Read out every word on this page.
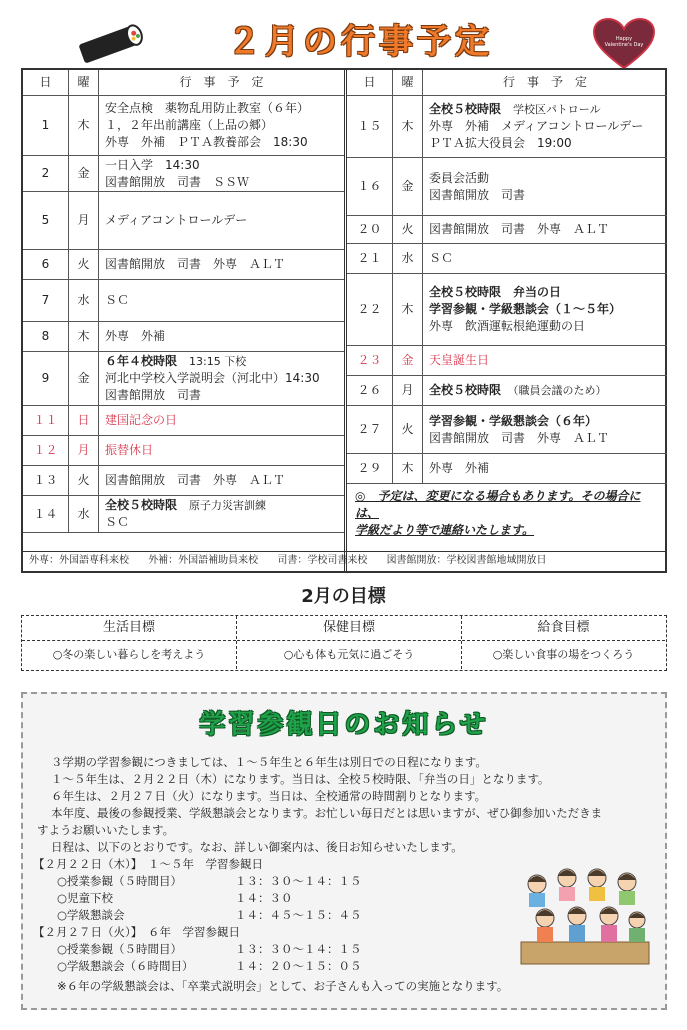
２月の行事予定	Happy Valentine's Day
日 曜	行　事　予　定
1 木
安全点検　薬物乱用防止教室（６年）
１，２年出前講座（上品の郷）
外専　外補　ＰＴＡ教養部会　18:30
2 金
一日入学　14:30
図書館開放　司書　ＳＳＷ
5 月 メディアコントロールデー
6 火 図書館開放　司書　外専　ＡＬＴ
7 水 ＳＣ
8 木 外専　外補
9 金
６年４校時限　 13:15 下校
河北中学校入学説明会（河北中）14:30
図書館開放　司書
１１ 日 建国記念の日
１２ 月 振替休日
１３ 火 図書館開放　司書　外専　ＡＬＴ
１４ 水
全校５校時限　 原子力災害訓練
ＳＣ
日 曜	行　事　予　定
１５ 木
全校５校時限　 学校区パトロール
外専　外補　メディアコントロールデー
ＰＴＡ拡大役員会　19:00
１６ 金
委員会活動
図書館開放　司書
２０ 火 図書館開放　司書　外専　ＡＬＴ
２１ 水 ＳＣ
２２ 木
全校５校時限　弁当の日
学習参観・学級懇談会（１～５年）
外専　飲酒運転根絶運動の日
２３ 金 天皇誕生日
２６ 月 全校５校時限　 （職員会議のため）
２７ 火
学習参観・学級懇談会（６年）
図書館開放　司書　外専　ＡＬＴ
２９ 木 外専　外補
◎　予定は、変更になる場合もあります。その場合には、
学級だより等で連絡いたします。
外専：外国語専科来校 外補：外国語補助員来校 司書：学校司書来校 図書館開放：学校図書館地域開放日
2月の目標
生活目標
○冬の楽しい暮らしを考えよう
保健目標
○心も体も元気に過ごそう
給食目標
○楽しい食事の場をつくろう
学習参観日のお知らせ
３学期の学習参観につきましては、１～５年生と６年生は別日での日程になります。
１～５年生は、２月２２日（木）になります。当日は、全校５校時限、「弁当の日」となります。
６年生は、２月２７日（火）になります。当日は、全校通常の時間割りとなります。
本年度、最後の参観授業、学級懇談会となります。お忙しい毎日だとは思いますが、ぜひ御参加いただきま
すようお願いいたします。
日程は、以下のとおりです。なお、詳しい御案内は、後日お知らせいたします。
【２月２２日（木）】　１～５年　学習参観日
○授業参観（５時間目）	１３：３０～１４：１５
○児童下校	１４：３０
○学級懇談会	１４：４５～１５：４５
【２月２７日（火）】　６年　学習参観日
○授業参観（５時間目）	１３：３０～１４：１５
○学級懇談会（６時間目）	１４：２０～１５：０５
※６年の学級懇談会は、「卒業式説明会」として、お子さんも入っての実施となります。
